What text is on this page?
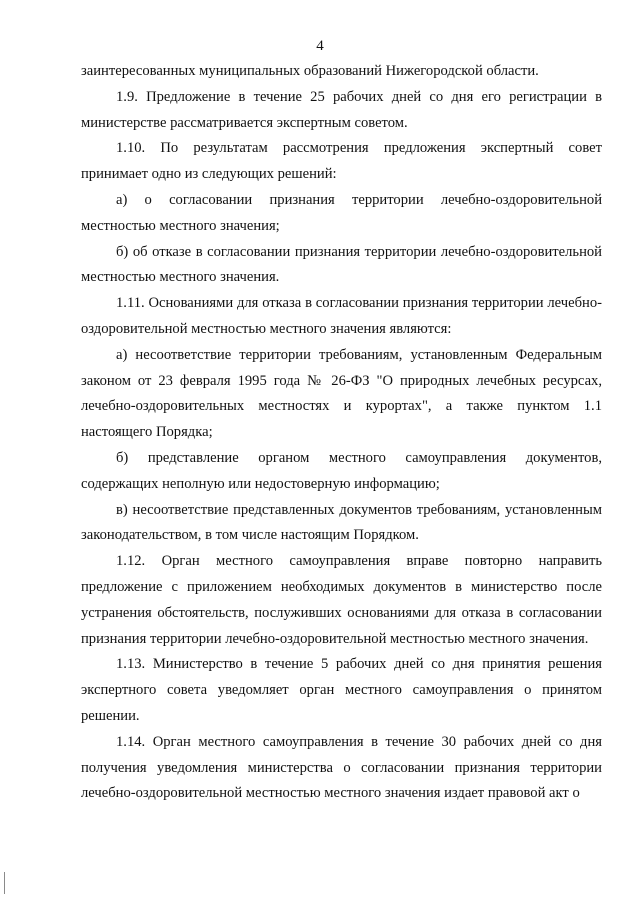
4

заинтересованных муниципальных образований Нижегородской области.

1.9. Предложение в течение 25 рабочих дней со дня его регистрации в министерстве рассматривается экспертным советом.

1.10. По результатам рассмотрения предложения экспертный совет принимает одно из следующих решений:

а) о согласовании признания территории лечебно-оздоровительной местностью местного значения;

б) об отказе в согласовании признания территории лечебно-оздоровительной местностью местного значения.

1.11. Основаниями для отказа в согласовании признания территории лечебно-оздоровительной местностью местного значения являются:

а) несоответствие территории требованиям, установленным Федеральным законом от 23 февраля 1995 года № 26-ФЗ "О природных лечебных ресурсах, лечебно-оздоровительных местностях и курортах", а также пунктом 1.1 настоящего Порядка;

б) представление органом местного самоуправления документов, содержащих неполную или недостоверную информацию;

в) несоответствие представленных документов требованиям, установленным законодательством, в том числе настоящим Порядком.

1.12. Орган местного самоуправления вправе повторно направить предложение с приложением необходимых документов в министерство после устранения обстоятельств, послуживших основаниями для отказа в согласовании признания территории лечебно-оздоровительной местностью местного значения.

1.13. Министерство в течение 5 рабочих дней со дня принятия решения экспертного совета уведомляет орган местного самоуправления о принятом решении.

1.14. Орган местного самоуправления в течение 30 рабочих дней со дня получения уведомления министерства о согласовании признания территории лечебно-оздоровительной местностью местного значения издает правовой акт о
